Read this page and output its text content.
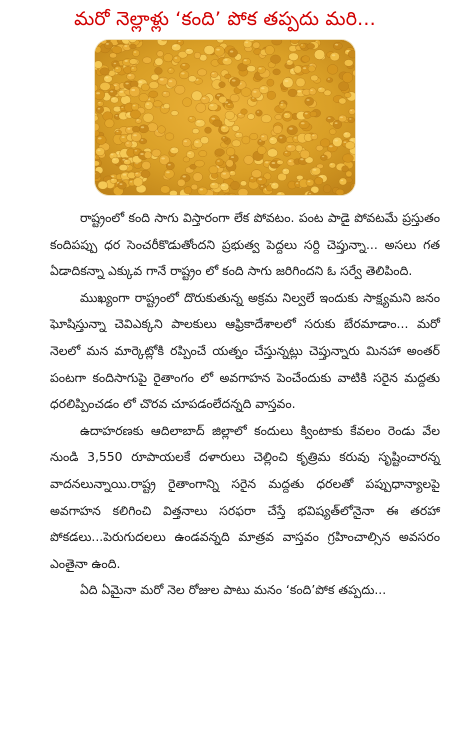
మరో నెల్లాళ్లు ‘కంది’ పోక తప్పదు మరి...

రాష్ట్రంలో కంది సాగు విస్తారంగా లేక పోవటం. పంట పాడై పోవటమే ప్రస్తుతం కందిపప్పు ధర సెంచరీకొడుతోందని ప్రభుత్వ పెద్దలు సర్ది చెప్తున్నా... అసలు గత ఏడాదికన్నా ఎక్కువ గానే రాష్ట్రం లో కంది సాగు జరిగిందని ఓ సర్వే తెలిపింది.

ముఖ్యంగా రాష్ట్రంలో దొరుకుతున్న అక్రమ నిల్వలే ఇందుకు సాక్ష్యమని జనం ఘోషిస్తున్నా చెవిఎక్కని పాలకులు ఆఫ్రికాదేశాలలో సరుకు బేరమాడాం... మరో నెలలో మన మార్కెట్లోకి రప్పించే యత్నం చేస్తున్నట్లు చెప్తున్నారు మినహా అంతర్ పంటగా కందిసాగుపై రైతాంగం లో అవగాహన పెంచేందుకు వాటికి సరైన మద్దతు ధరలిప్పించడం లో చొరవ చూపడంలేదన్నది వాస్తవం.

ఉదాహరణకు ఆదిలాబాద్ జిల్లాలో కందులు క్వింటాకు కేవలం రెండు వేల నుండి 3,550 రూపాయలకే దళారులు చెల్లించి కృత్రిమ కరువు సృష్టించారన్న వాదనలున్నాయి.రాష్ట్ర రైతాంగాన్ని సరైన మద్దతు ధరలతో పప్పుధాన్యాలపై అవగాహన కలిగించి విత్తనాలు సరఫరా చేస్తే భవిష్యత్‌లోనైనా ఈ తరహా పోకడలు...పెరుగుదలలు ఉండవన్నది మాత్రవ వాస్తవం గ్రహించాల్సిన అవసరం ఎంతైనా ఉంది.

ఏది ఏమైనా మరో నెల రోజుల పాటు మనం ‘కంది’పోక తప్పదు...
